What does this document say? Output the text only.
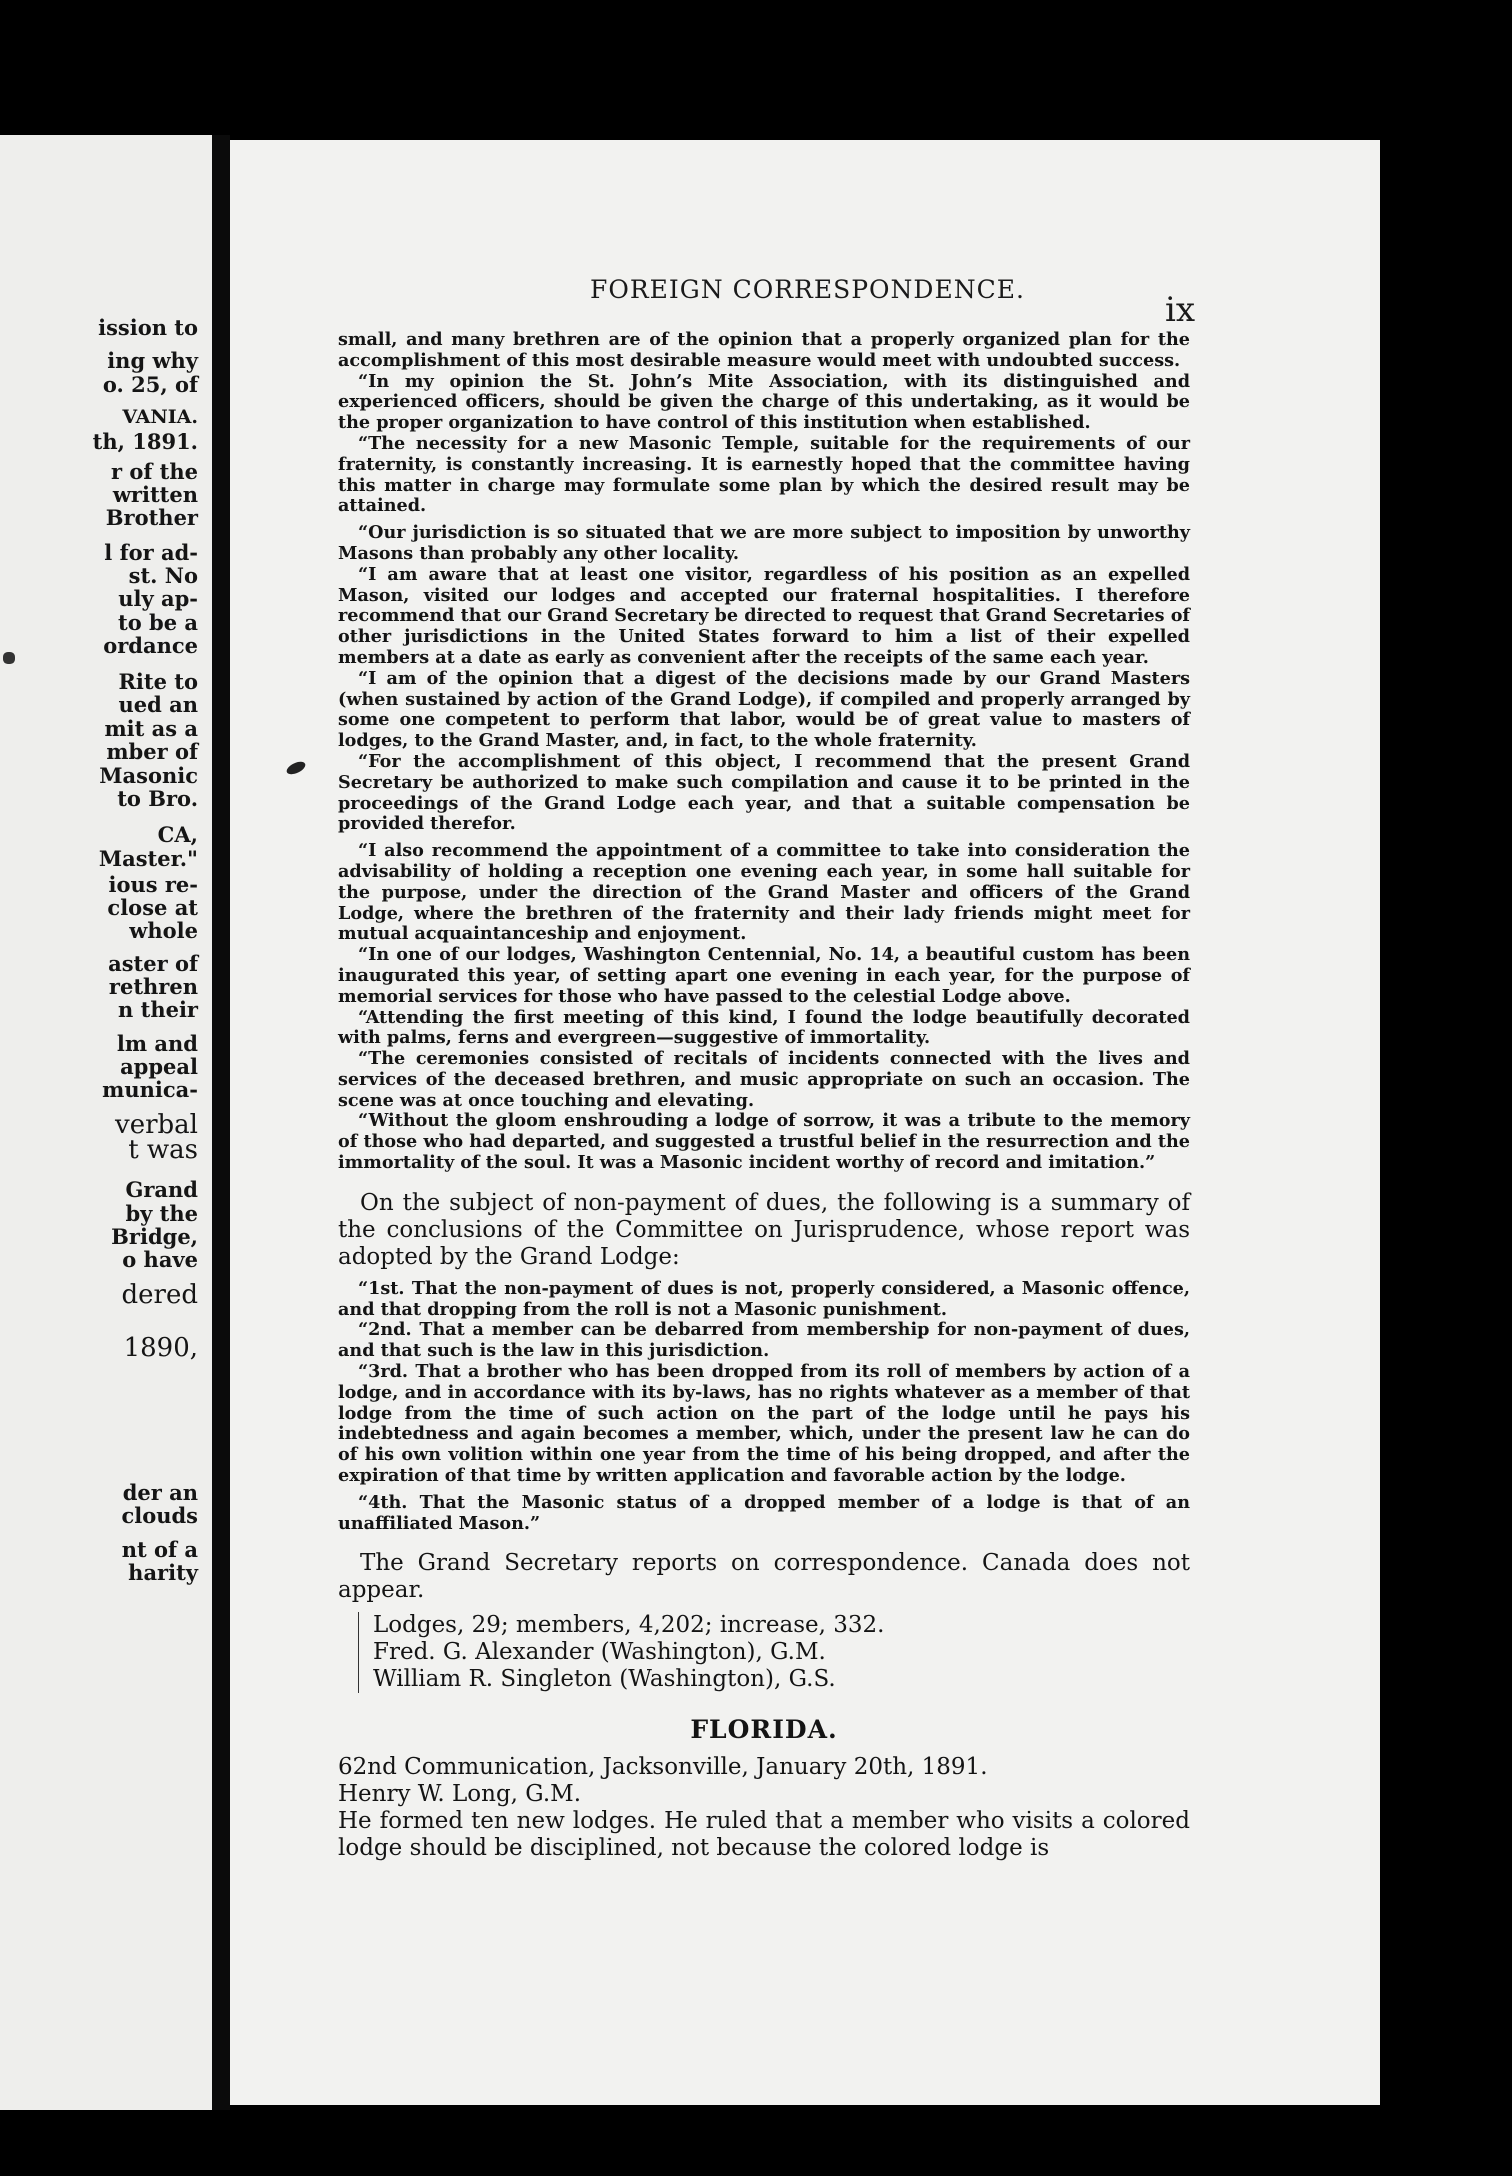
ission to
ing why
o. 25, of
VANIA.
th, 1891.
r of the
written
Brother
l for ad-
st. No
uly ap-
to be a
ordance
Rite to
ued an
mit as a
mber of
Masonic
to Bro.
CA,
Master."
ious re-
close at
whole
aster of
rethren
n their
lm and
appeal
munica-
verbal
t was
Grand
by the
Bridge,
o have
dered
1890,
der an
clouds
nt of a
harity
FOREIGN CORRESPONDENCE.
ix

small, and many brethren are of the opinion that a properly organized plan for the accomplishment of this most desirable measure would meet with undoubted success.

“In my opinion the St. John’s Mite Association, with its distinguished and experienced officers, should be given the charge of this undertaking, as it would be the proper organization to have control of this institution when established.

“The necessity for a new Masonic Temple, suitable for the requirements of our fraternity, is constantly increasing. It is earnestly hoped that the committee having this matter in charge may formulate some plan by which the desired result may be attained.

“Our jurisdiction is so situated that we are more subject to imposition by unworthy Masons than probably any other locality.

“I am aware that at least one visitor, regardless of his position as an expelled Mason, visited our lodges and accepted our fraternal hospitalities. I therefore recommend that our Grand Secretary be directed to request that Grand Secretaries of other jurisdictions in the United States forward to him a list of their expelled members at a date as early as convenient after the receipts of the same each year.

“I am of the opinion that a digest of the decisions made by our Grand Masters (when sustained by action of the Grand Lodge), if compiled and properly arranged by some one competent to perform that labor, would be of great value to masters of lodges, to the Grand Master, and, in fact, to the whole fraternity.

“For the accomplishment of this object, I recommend that the present Grand Secretary be authorized to make such compilation and cause it to be printed in the proceedings of the Grand Lodge each year, and that a suitable compensation be provided therefor.

“I also recommend the appointment of a committee to take into consideration the advisability of holding a reception one evening each year, in some hall suitable for the purpose, under the direction of the Grand Master and officers of the Grand Lodge, where the brethren of the fraternity and their lady friends might meet for mutual acquaintanceship and enjoyment.

“In one of our lodges, Washington Centennial, No. 14, a beautiful custom has been inaugurated this year, of setting apart one evening in each year, for the purpose of memorial services for those who have passed to the celestial Lodge above.

“Attending the first meeting of this kind, I found the lodge beautifully decorated with palms, ferns and evergreen—suggestive of immortality.

“The ceremonies consisted of recitals of incidents connected with the lives and services of the deceased brethren, and music appropriate on such an occasion. The scene was at once touching and elevating.

“Without the gloom enshrouding a lodge of sorrow, it was a tribute to the memory of those who had departed, and suggested a trustful belief in the resurrection and the immortality of the soul. It was a Masonic incident worthy of record and imitation.”

On the subject of non-payment of dues, the following is a summary of the conclusions of the Committee on Jurisprudence, whose report was adopted by the Grand Lodge:

“1st. That the non-payment of dues is not, properly considered, a Masonic offence, and that dropping from the roll is not a Masonic punishment.

“2nd. That a member can be debarred from membership for non-payment of dues, and that such is the law in this jurisdiction.

“3rd. That a brother who has been dropped from its roll of members by action of a lodge, and in accordance with its by-laws, has no rights whatever as a member of that lodge from the time of such action on the part of the lodge until he pays his indebtedness and again becomes a member, which, under the present law he can do of his own volition within one year from the time of his being dropped, and after the expiration of that time by written application and favorable action by the lodge.

“4th. That the Masonic status of a dropped member of a lodge is that of an unaffiliated Mason.”

The Grand Secretary reports on correspondence. Canada does not appear.

Lodges, 29; members, 4,202; increase, 332.
Fred. G. Alexander (Washington), G.M.
William R. Singleton (Washington), G.S.
FLORIDA.

62nd Communication, Jacksonville, January 20th, 1891.

Henry W. Long, G.M.

He formed ten new lodges. He ruled that a member who visits a colored lodge should be disciplined, not because the colored lodge is
